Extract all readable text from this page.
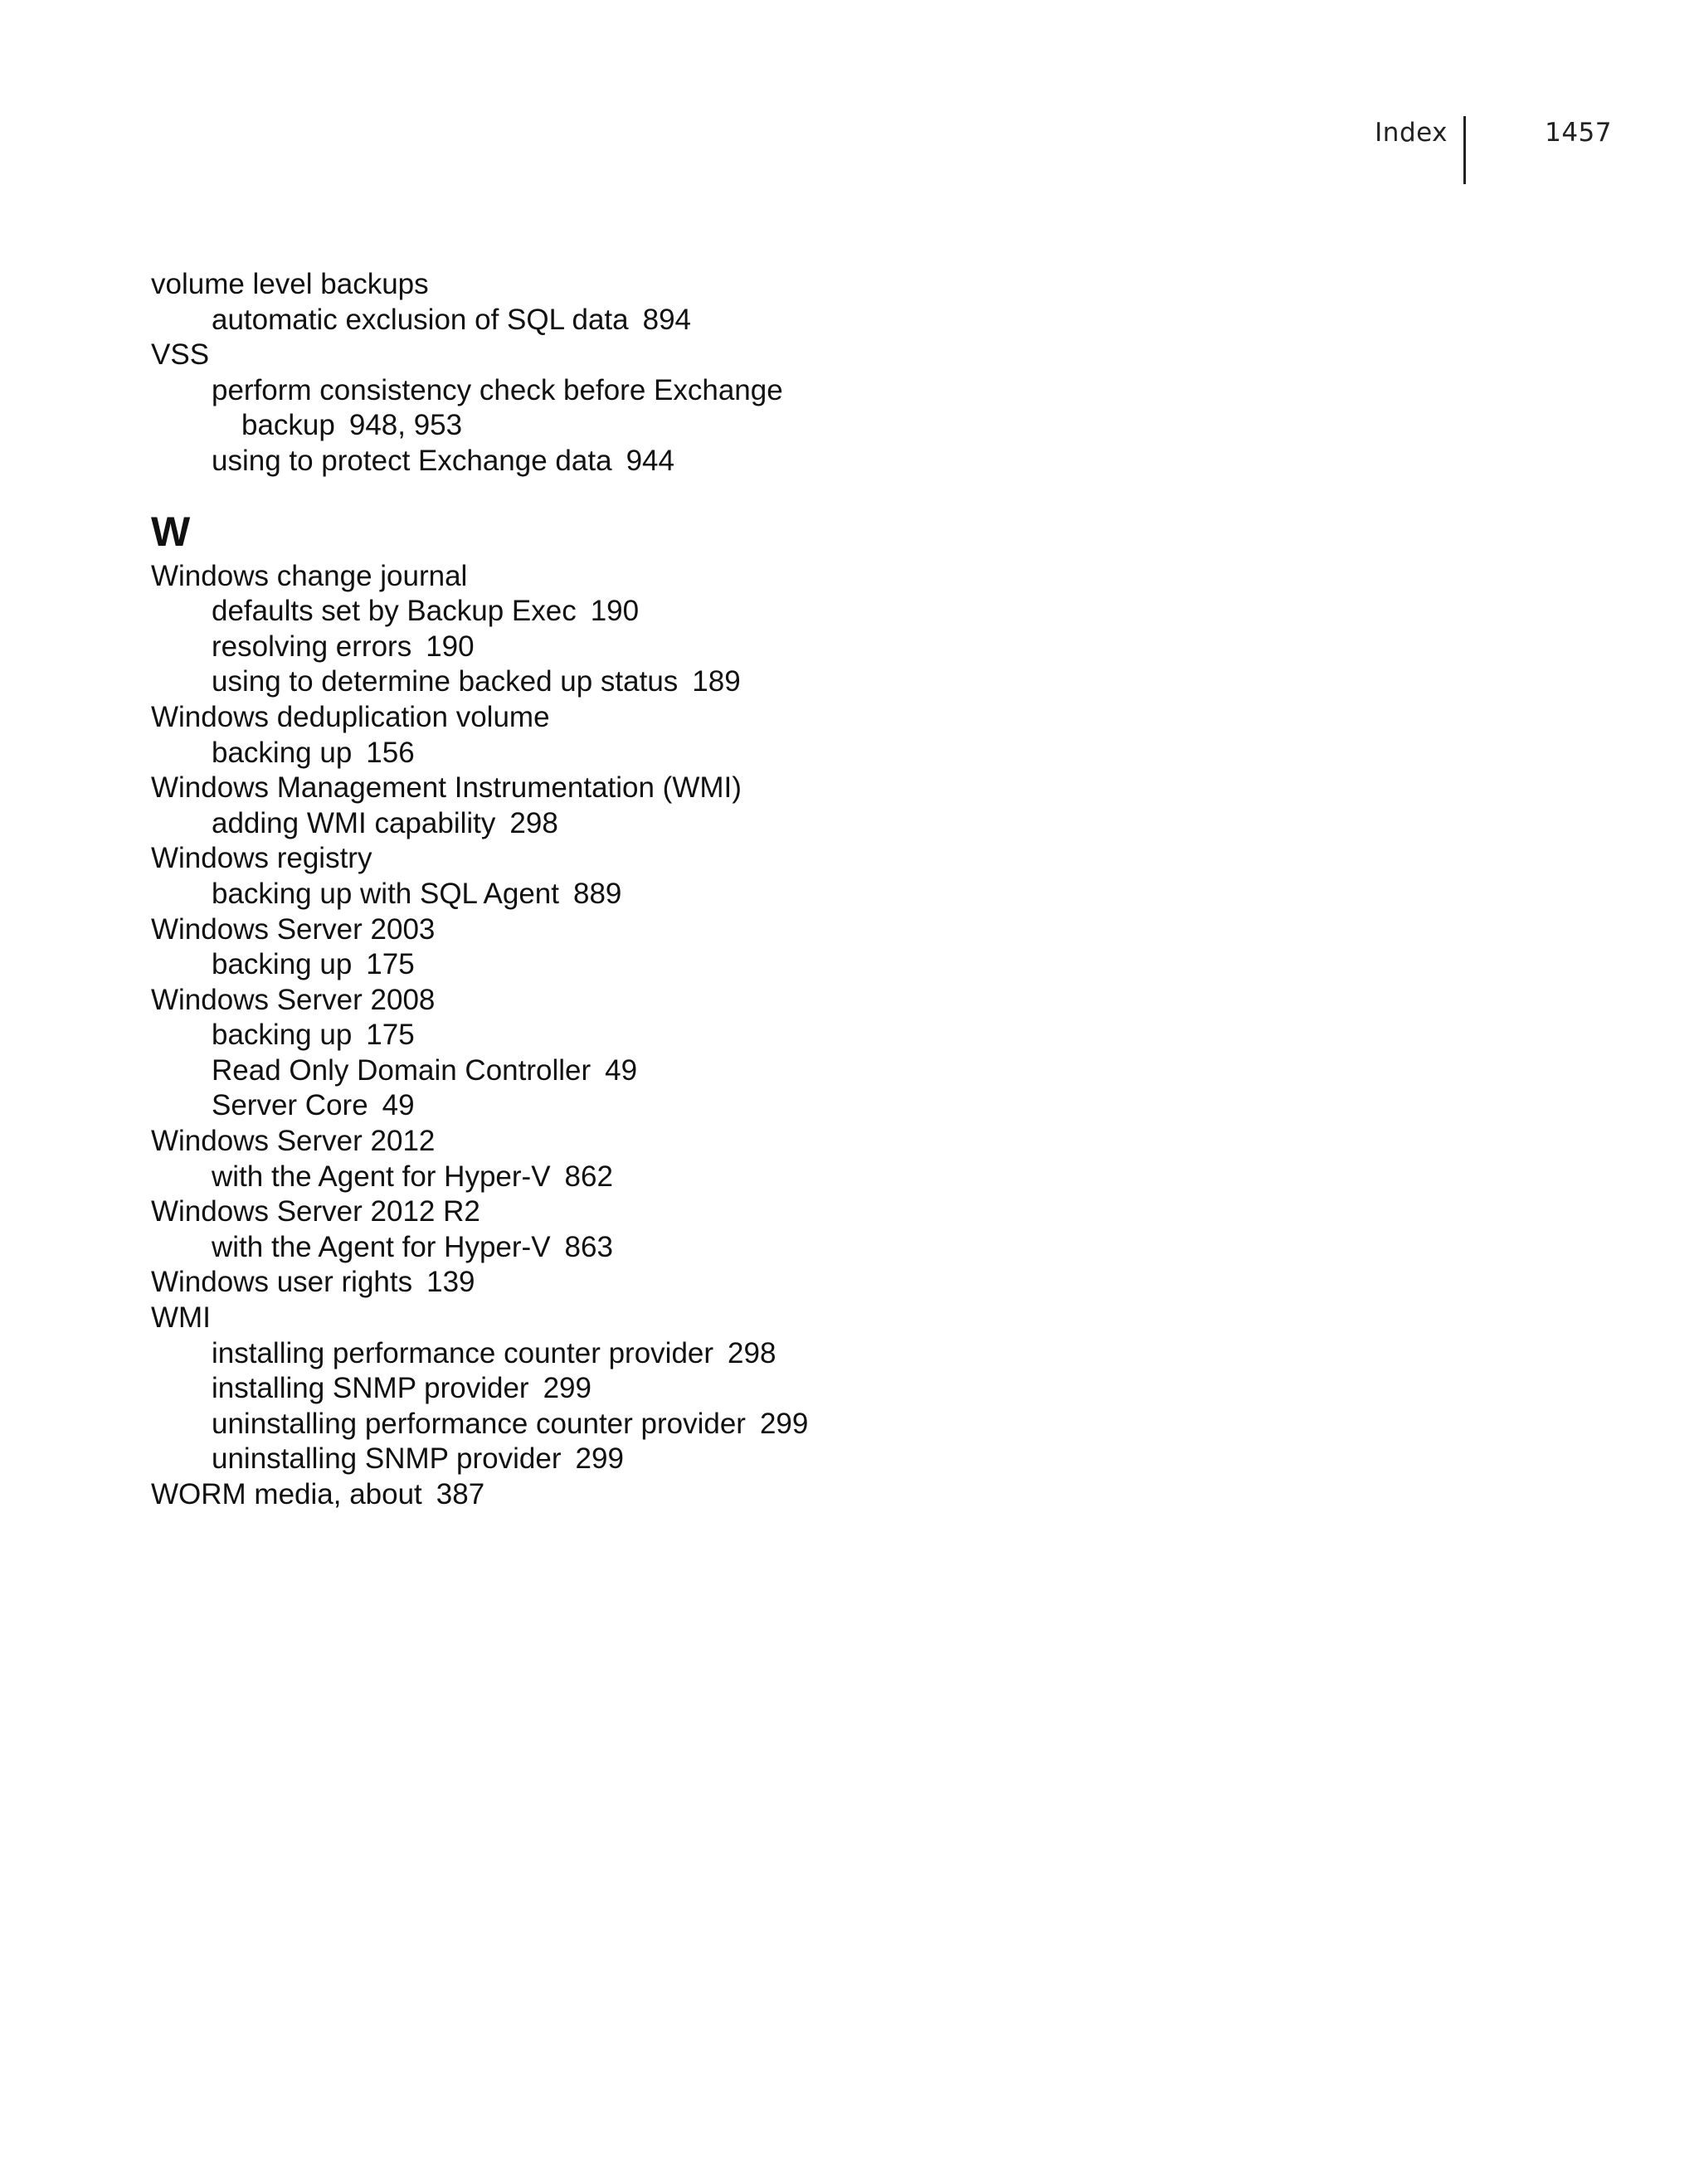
Index	1457
volume level backups
automatic exclusion of SQL data 894
VSS
perform consistency check before Exchange backup 948, 953
using to protect Exchange data 944
W
Windows change journal
defaults set by Backup Exec 190
resolving errors 190
using to determine backed up status 189
Windows deduplication volume
backing up 156
Windows Management Instrumentation (WMI)
adding WMI capability 298
Windows registry
backing up with SQL Agent 889
Windows Server 2003
backing up 175
Windows Server 2008
backing up 175
Read Only Domain Controller 49
Server Core 49
Windows Server 2012
with the Agent for Hyper-V 862
Windows Server 2012 R2
with the Agent for Hyper-V 863
Windows user rights 139
WMI
installing performance counter provider 298
installing SNMP provider 299
uninstalling performance counter provider 299
uninstalling SNMP provider 299
WORM media, about 387
